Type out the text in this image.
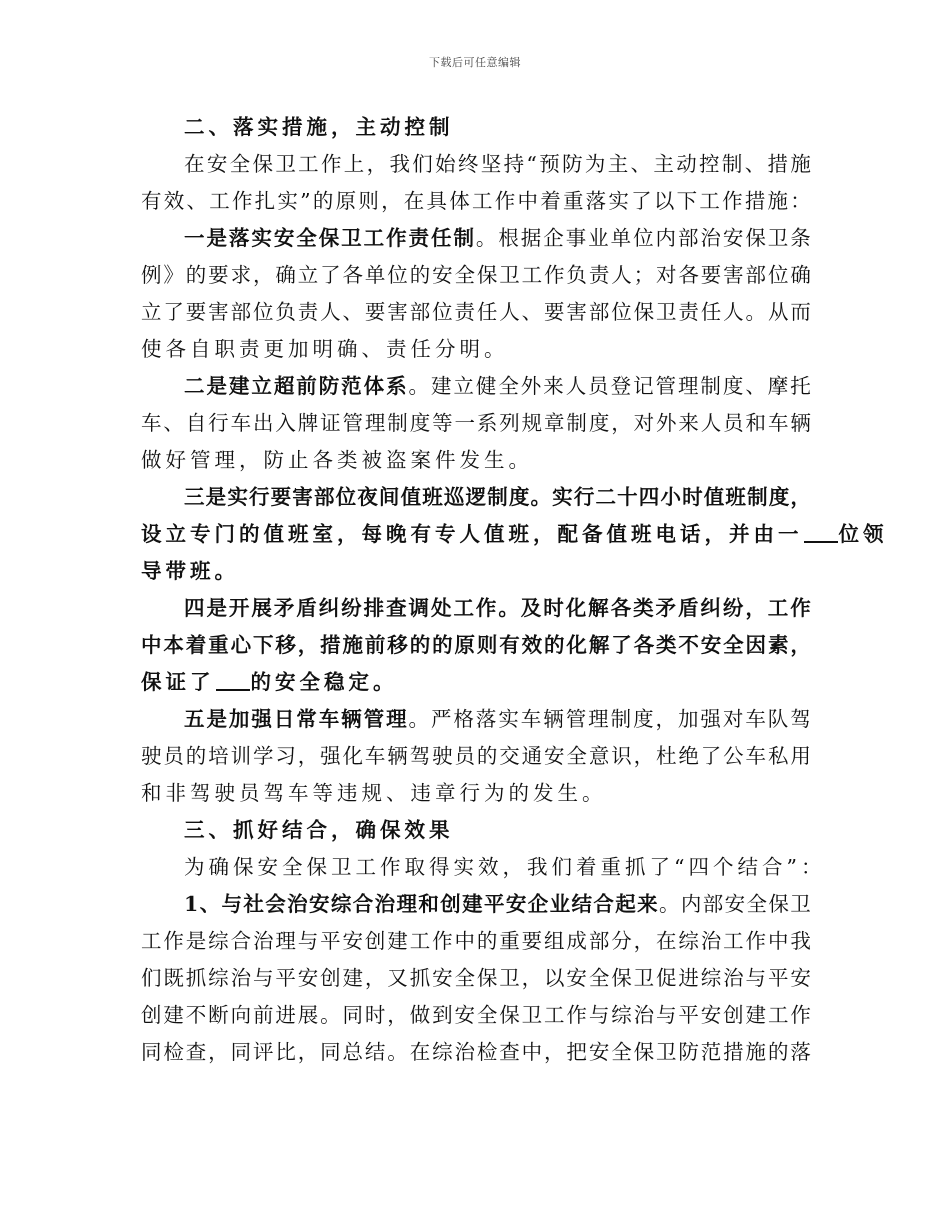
下载后可任意编辑
二、落实措施，主动控制
在 安 全 保 卫 工 作 上 ， 我 们 始 终 坚 持 “ 预 防 为 主 、 主 动 控 制 、 措 施
有 效 、 工 作 扎 实 ” 的 原 则 ， 在 具 体 工 作 中 着 重 落 实 了 以 下 工 作 措 施 ：
一 是 落 实 安 全 保 卫 工 作 责 任 制 。 根 据 企 事 业 单 位 内 部 治 安 保 卫 条
例 》 的 要 求 ， 确 立 了 各 单 位 的 安 全 保 卫 工 作 负 责 人 ； 对 各 要 害 部 位 确
立 了 要 害 部 位 负 责 人 、 要 害 部 位 责 任 人 、 要 害 部 位 保 卫 责 任 人 。 从 而
使各自职责更加明确、责任分明。
二 是 建 立 超 前 防 范 体 系 。 建 立 健 全 外 来 人 员 登 记 管 理 制 度 、 摩 托
车 、 自 行 车 出 入 牌 证 管 理 制 度 等 一 系 列 规 章 制 度 ， 对 外 来 人 员 和 车 辆
做好管理，防止各类被盗案件发生。
三 是 实 行 要 害 部 位 夜 间 值 班 巡 逻 制 度 。 实 行 二 十 四 小 时 值 班 制 度 ，
设立专门的值班室，每晚有专人值班，配备值班电话，并由一 位领
导带班。
四 是 开 展 矛 盾 纠 纷 排 查 调 处 工 作 。 及 时 化 解 各 类 矛 盾 纠 纷 ， 工 作
中 本 着 重 心 下 移 ， 措 施 前 移 的 的 原 则 有 效 的 化 解 了 各 类 不 安 全 因 素 ，
保证了 的安全稳定。
五 是 加 强 日 常 车 辆 管 理 。 严 格 落 实 车 辆 管 理 制 度 ， 加 强 对 车 队 驾
驶 员 的 培 训 学 习 ， 强 化 车 辆 驾 驶 员 的 交 通 安 全 意 识 ， 杜 绝 了 公 车 私 用
和非驾驶员驾车等违规、违章行为的发生。
三、抓好结合，确保效果
为确保安全保卫工作取得实效，我们着重抓了“四个结合”：
1 、 与 社 会 治 安 综 合 治 理 和 创 建 平 安 企 业 结 合 起 来 。 内 部 安 全 保 卫
工 作 是 综 合 治 理 与 平 安 创 建 工 作 中 的 重 要 组 成 部 分 ， 在 综 治 工 作 中 我
们 既 抓 综 治 与 平 安 创 建 ， 又 抓 安 全 保 卫 ， 以 安 全 保 卫 促 进 综 治 与 平 安
创 建 不 断 向 前 进 展 。 同 时 ， 做 到 安 全 保 卫 工 作 与 综 治 与 平 安 创 建 工 作
同 检 查 ， 同 评 比 ， 同 总 结 。 在 综 治 检 查 中 ， 把 安 全 保 卫 防 范 措 施 的 落
